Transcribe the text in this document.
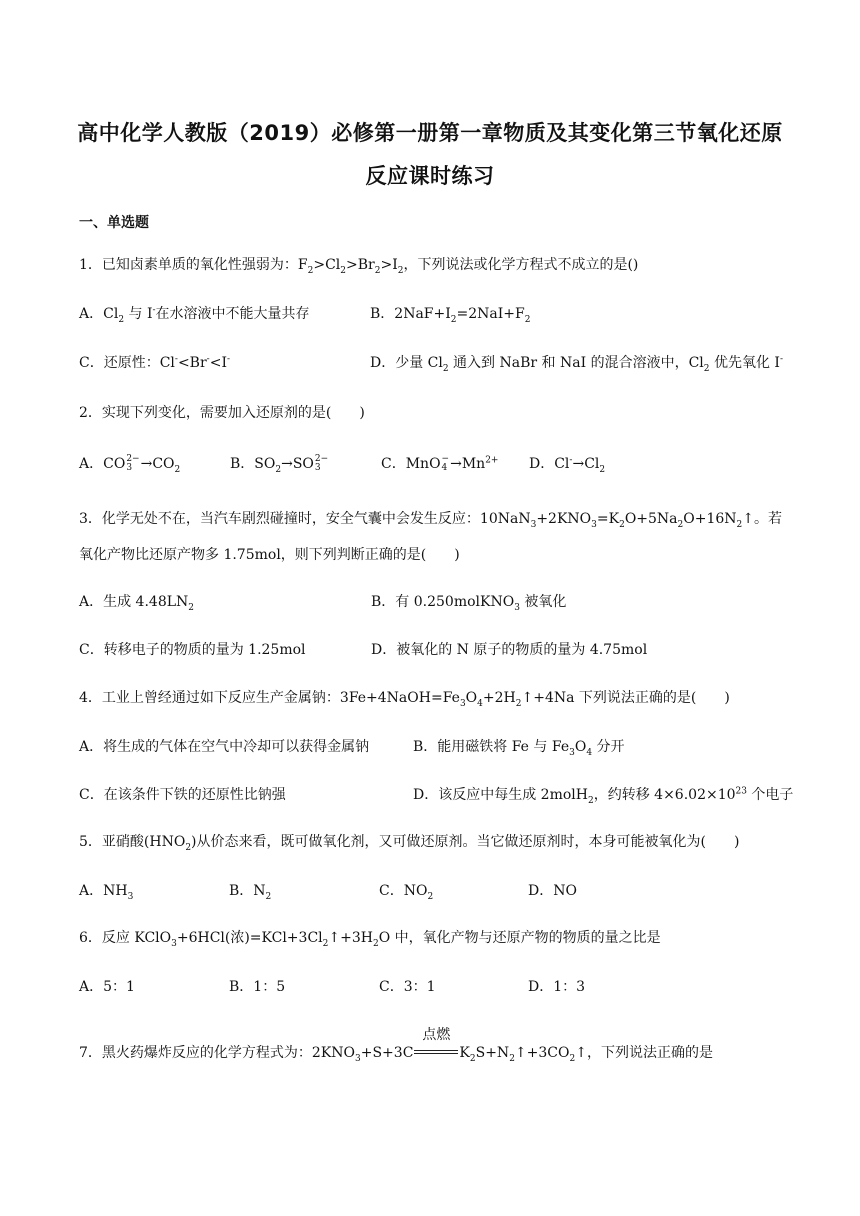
高中化学人教版（2019）必修第一册第一章物质及其变化第三节氧化还原
反应课时练习
一、单选题
1．已知卤素单质的氧化性强弱为：$F_2>Cl_2>Br_2>I_2$，下列说法或化学方程式不成立的是()
A．$Cl_2$ 与 I-在水溶液中不能大量共存	B．$2NaF+I_2=2NaI+F_2$
C．还原性：Cl-<Br-<I-	D．少量 $Cl_2$ 通入到 NaBr 和 NaI 的混合溶液中，$Cl_2$ 优先氧化 I-
2．实现下列变化，需要加入还原剂的是(　　)
A．CO 2−
$3 \to CO_2$	B．$SO_2\to SO$ 2−
3	C．MnO −
$4 \to Mn^{2+}$ D．$Cl^-\to Cl_2$
3．化学无处不在，当汽车剧烈碰撞时，安全气囊中会发生反应：$10NaN_3+2KNO_3=K_2O+5Na_2O+16N_2↑$。若
氧化产物比还原产物多 1.75mol，则下列判断正确的是(　　)
A．生成 $4.48LN_2$	B．有 0.250molKNO$_3$ 被氧化
C．转移电子的物质的量为 1.25mol	D．被氧化的 N 原子的物质的量为 4.75mol
4．工业上曾经通过如下反应生产金属钠：$3Fe+4NaOH=Fe_3O_4+2H_2↑+4Na$ 下列说法正确的是(　　)
A．将生成的气体在空气中冷却可以获得金属钠	B．能用磁铁将 Fe 与 $Fe_3O_4$ 分开
C．在该条件下铁的还原性比钠强	D．该反应中每生成 2molH$_2$，约转移 $4\times 6.02\times 10^{23}$ 个电子
5．亚硝酸$(HNO_2)$从价态来看，既可做氧化剂，又可做还原剂。当它做还原剂时，本身可能被氧化为(　　)
A．$NH_3$	B．$N_2$	C．$NO_2$	D．NO
6．反应 KClO$_3$+6HCl(浓)$=KCl+3Cl_2↑+3H_2O$ 中，氧化产物与还原产物的物质的量之比是
A．5：1	B．1：5	C．3：1	D．1：3
7．黑火药爆炸反应的化学方程式为：$2KNO_3+S+3C$
点燃
$K_2S+N_2↑+3CO_2↑$，下列说法正确的是
